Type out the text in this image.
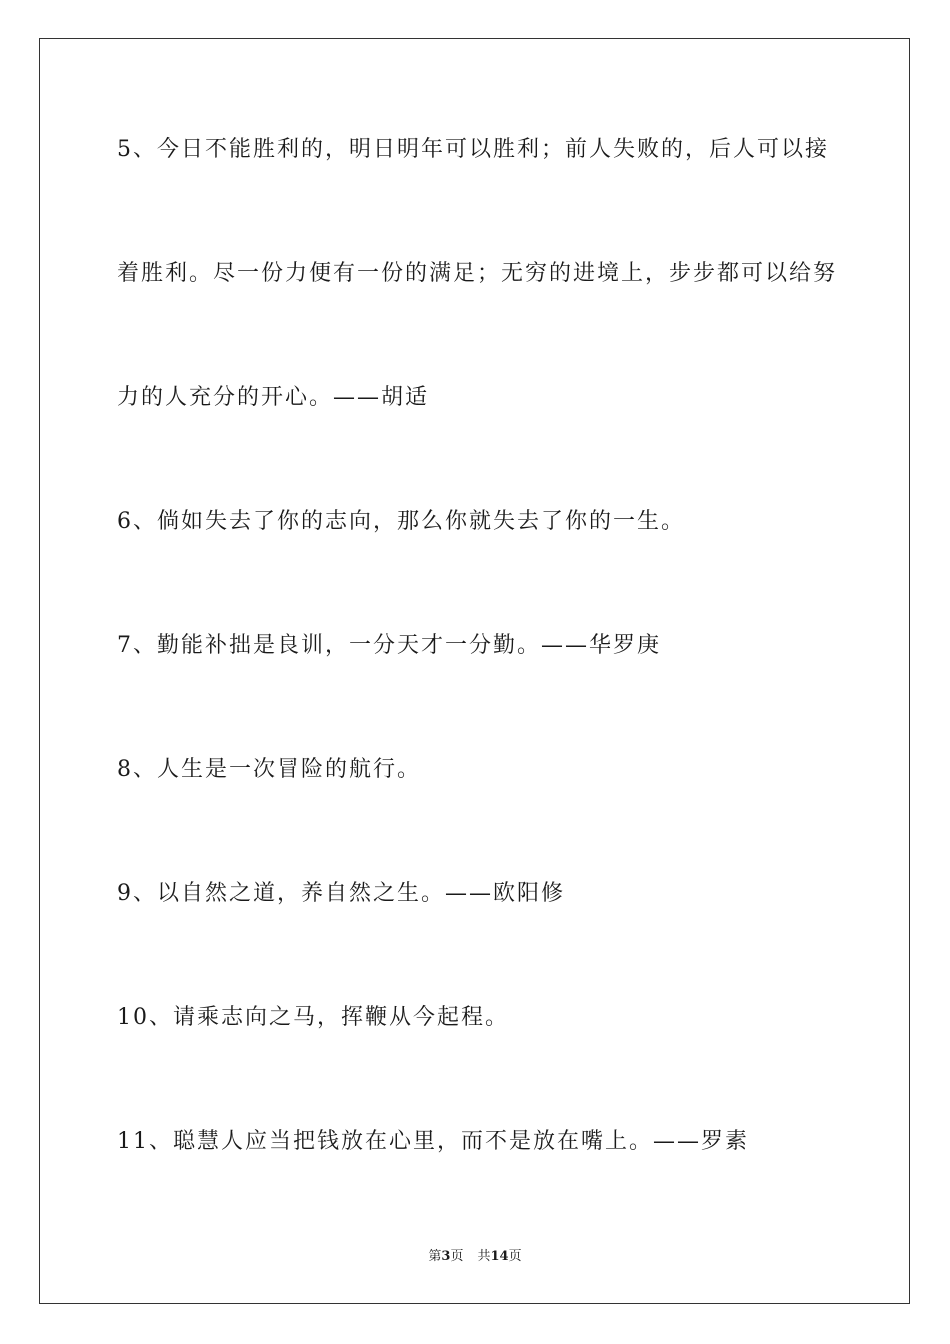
5、今日不能胜利的，明日明年可以胜利；前人失败的，后人可以接

着胜利。尽一份力便有一份的满足；无穷的进境上，步步都可以给努

力的人充分的开心。——胡适

6、倘如失去了你的志向，那么你就失去了你的一生。

7、勤能补拙是良训，一分天才一分勤。——华罗庚

8、人生是一次冒险的航行。

9、以自然之道，养自然之生。——欧阳修

10、请乘志向之马，挥鞭从今起程。

11、聪慧人应当把钱放在心里，而不是放在嘴上。——罗素

第3页 共14页
